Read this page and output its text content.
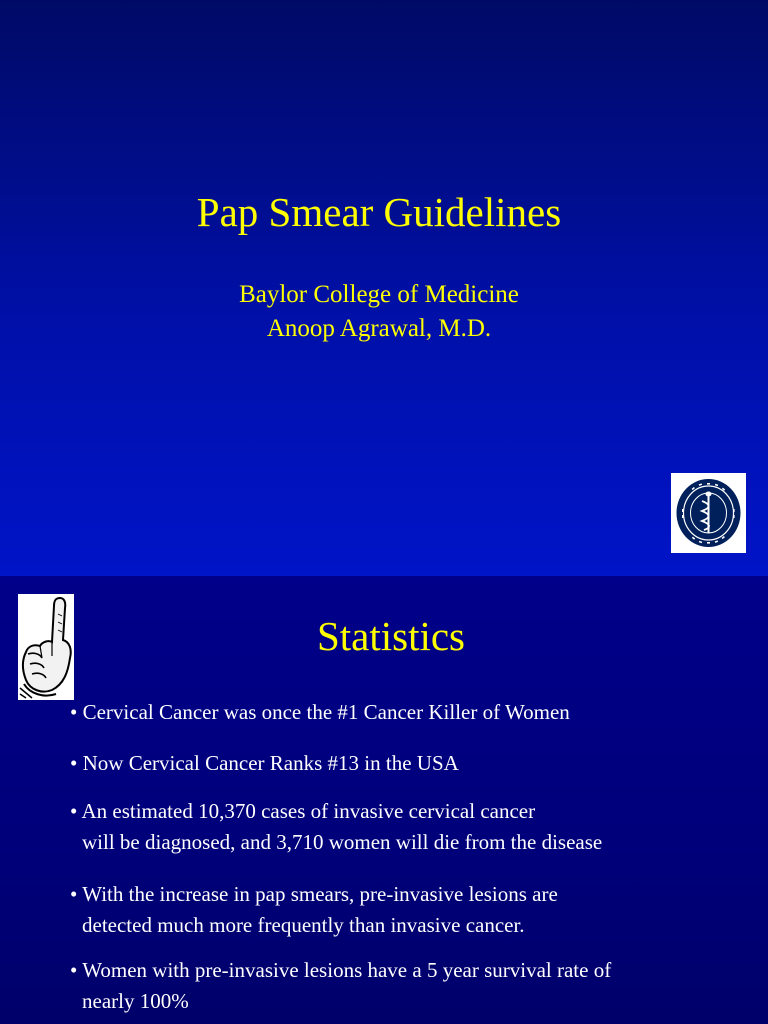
Pap Smear Guidelines
Baylor College of Medicine
Anoop Agrawal, M.D.
Statistics
• Cervical Cancer was once the #1 Cancer Killer of Women
• Now Cervical Cancer Ranks #13 in the USA
• An estimated 10,370 cases of invasive cervical cancer
will be diagnosed, and 3,710 women will die from the disease
• With the increase in pap smears, pre-invasive lesions are
detected much more frequently than invasive cancer.
• Women with pre-invasive lesions have a 5 year survival rate of
nearly 100%
